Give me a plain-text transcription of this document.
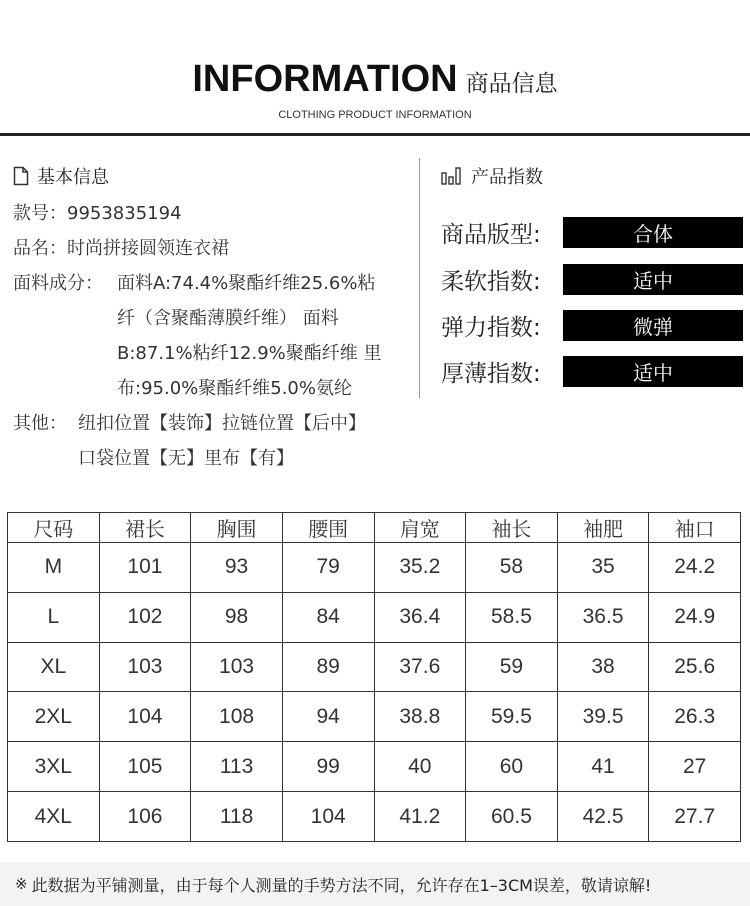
INFORMATION 商品信息
CLOTHING PRODUCT INFORMATION
基本信息
款号： 9953835194
品名： 时尚拼接圆领连衣裙
面料成分： 面料A:74.4%聚酯纤维25.6%粘
纤（含聚酯薄膜纤维） 面料
B:87.1%粘纤12.9%聚酯纤维 里
布:95.0%聚酯纤维5.0%氨纶
其他： 纽扣位置【装饰】拉链位置【后中】
口袋位置【无】里布【有】
产品指数
商品版型:	合体
柔软指数:	适中
弹力指数:	微弹
厚薄指数:	适中
尺码	裙长	胸围	腰围	肩宽	袖长	袖肥	袖口
M	101	93	79	35.2	58	35	24.2
L	102	98	84	36.4	58.5	36.5	24.9
XL	103	103	89	37.6	59	38	25.6
2XL	104	108	94	38.8	59.5	39.5	26.3
3XL	105	113	99	40	60	41	27
4XL	106	118	104	41.2	60.5	42.5	27.7
※ 此数据为平铺测量，由于每个人测量的手势方法不同，允许存在1–3CM误差，敬请谅解!
